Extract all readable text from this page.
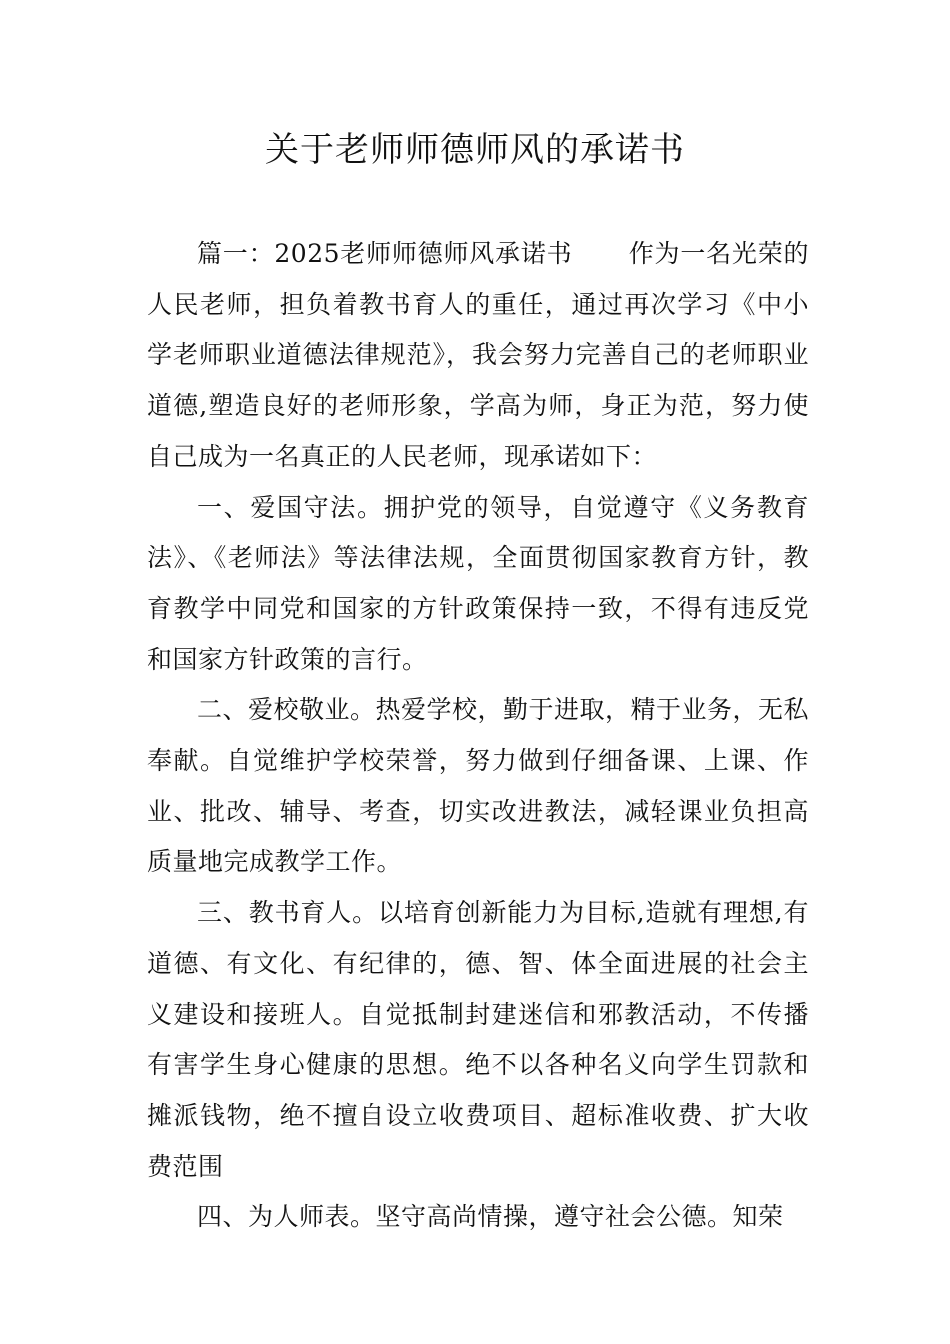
关于老师师德师风的承诺书

篇一：2025老师师德师风承诺书 作为一名光荣的人民老师，担负着教书育人的重任，通过再次学习《中小学老师职业道德法律规范》，我会努力完善自己的老师职业道德,塑造良好的老师形象，学高为师，身正为范，努力使自己成为一名真正的人民老师，现承诺如下：

一、爱国守法。拥护党的领导，自觉遵守《义务教育法》、《老师法》等法律法规，全面贯彻国家教育方针，教育教学中同党和国家的方针政策保持一致，不得有违反党和国家方针政策的言行。

二、爱校敬业。热爱学校，勤于进取，精于业务，无私奉献。自觉维护学校荣誉，努力做到仔细备课、上课、作业、批改、辅导、考查，切实改进教法，减轻课业负担高质量地完成教学工作。

三、教书育人。以培育创新能力为目标,造就有理想,有道德、有文化、有纪律的，德、智、体全面进展的社会主义建设和接班人。自觉抵制封建迷信和邪教活动，不传播有害学生身心健康的思想。绝不以各种名义向学生罚款和摊派钱物，绝不擅自设立收费项目、超标准收费、扩大收费范围

四、为人师表。坚守高尚情操，遵守社会公德。知荣
